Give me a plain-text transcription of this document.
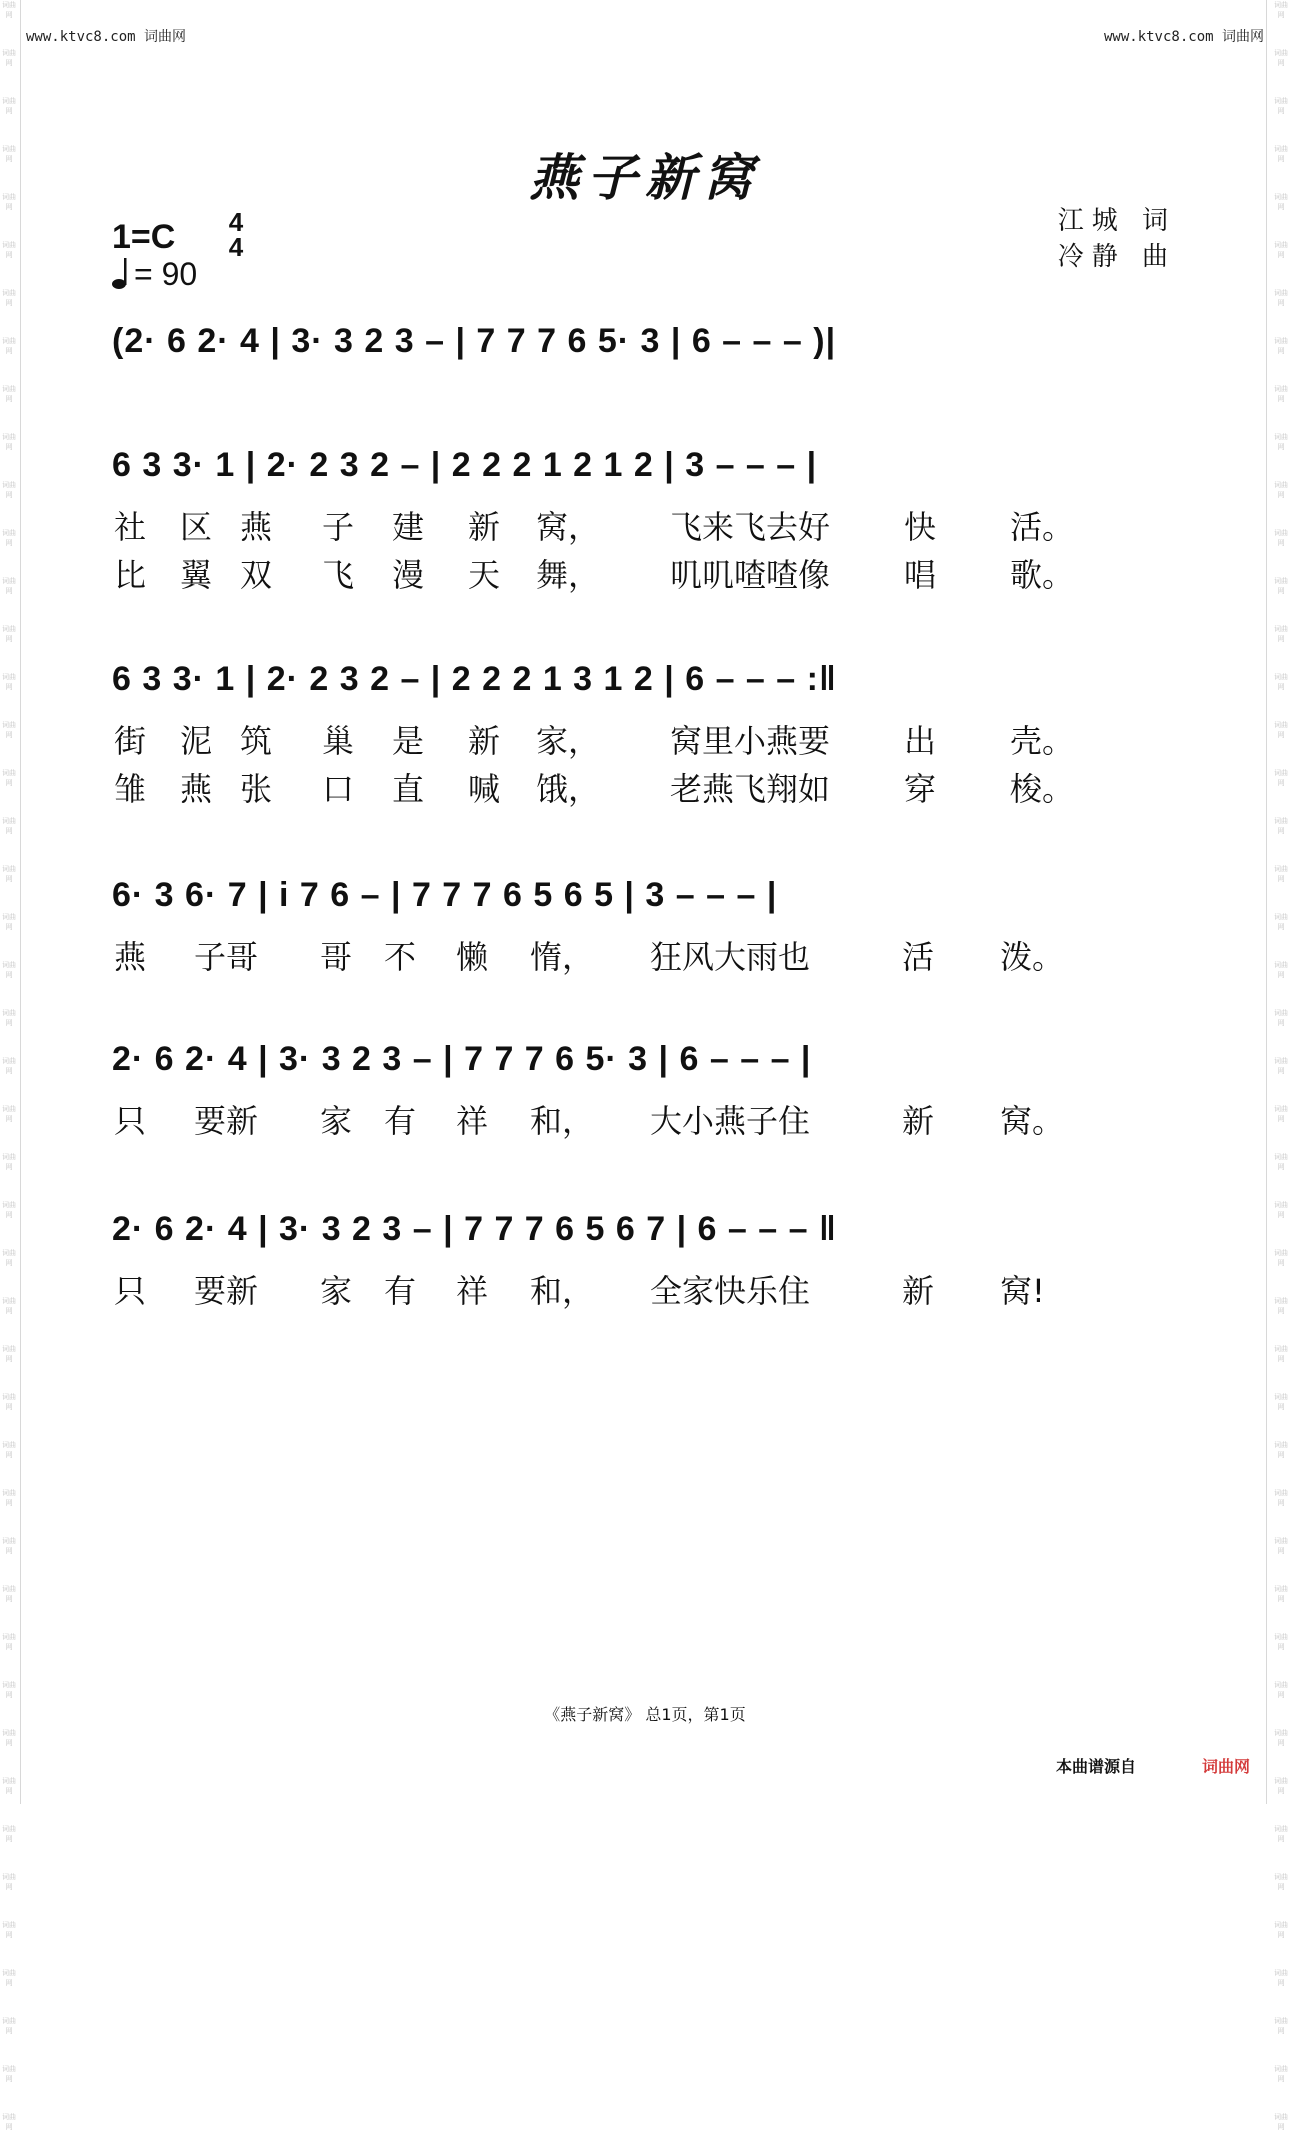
词曲网
词曲网
词曲网
词曲网
词曲网
词曲网
词曲网
词曲网
词曲网
词曲网
词曲网
词曲网
词曲网
词曲网
词曲网
词曲网
词曲网
词曲网
词曲网
词曲网
词曲网
词曲网
词曲网
词曲网
词曲网
词曲网
词曲网
词曲网
词曲网
词曲网
词曲网
词曲网
词曲网
词曲网
词曲网
词曲网
词曲网
词曲网
词曲网
词曲网
词曲网
词曲网
词曲网
词曲网
词曲网
词曲网
词曲网
词曲网
词曲网
词曲网
词曲网
词曲网
词曲网
词曲网
词曲网
词曲网
词曲网
词曲网
词曲网
词曲网
词曲网
词曲网
词曲网
词曲网
词曲网
词曲网
词曲网
词曲网
词曲网
词曲网
词曲网
词曲网
词曲网
词曲网
词曲网
词曲网
词曲网
词曲网
词曲网
词曲网
词曲网
词曲网
词曲网
词曲网
词曲网
词曲网
词曲网
词曲网
词曲网
词曲网
www.ktvc8.com 词曲网	www.ktvc8.com 词曲网
燕子新窝
江城 词
冷静 曲
1=C 4
4
= 90
(2· 6 2· 4 | 3· 3 2 3 – | 7 7 7 6 5· 3 | 6 – – – )|
6 3 3· 1 | 2· 2 3 2 – | 2 2 2 1 2 1 2 | 3 – – – |
社 区 燕 子 建 新 窝， 飞来飞去好 快 活。
比 翼 双 飞 漫 天 舞， 叽叽喳喳像 唱 歌。
6 3 3· 1 | 2· 2 3 2 – | 2 2 2 1 3 1 2 | 6 – – – :‖
街 泥 筑 巢 是 新 家， 窝里小燕要 出 壳。
雏 燕 张 口 直 喊 饿， 老燕飞翔如 穿 梭。
6· 3 6· 7 | i 7 6 – | 7 7 7 6 5 6 5 | 3 – – – |
燕 子哥 哥 不 懒 惰， 狂风大雨也	活 泼。
2· 6 2· 4 | 3· 3 2 3 – | 7 7 7 6 5· 3 | 6 – – – |
只 要新 家 有 祥 和， 大小燕子住	新 窝。
2· 6 2· 4 | 3· 3 2 3 – | 7 7 7 6 5 6 7 | 6 – – – ‖
只 要新 家 有 祥 和， 全家快乐住	新 窝!
《燕子新窝》 总1页，第1页
本曲谱源自	词曲网
